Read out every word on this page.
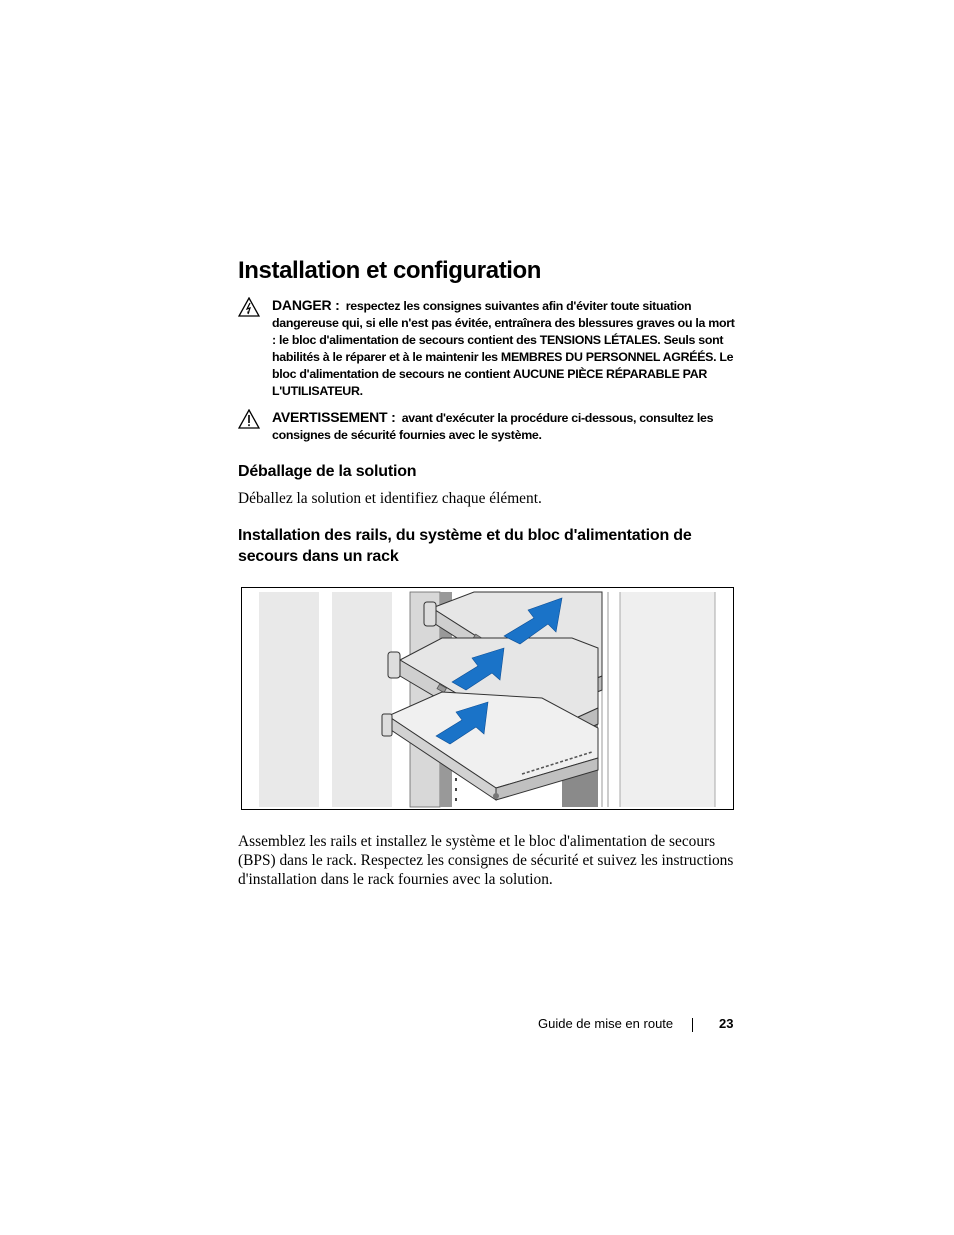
Installation et configuration

DANGER : respectez les consignes suivantes afin d'éviter toute situation dangereuse qui, si elle n'est pas évitée, entraînera des blessures graves ou la mort : le bloc d'alimentation de secours contient des TENSIONS LÉTALES. Seuls sont habilités à le réparer et à le maintenir les MEMBRES DU PERSONNEL AGRÉÉS. Le bloc d'alimentation de secours ne contient AUCUNE PIÈCE RÉPARABLE PAR L'UTILISATEUR.

AVERTISSEMENT : avant d'exécuter la procédure ci-dessous, consultez les consignes de sécurité fournies avec le système.

Déballage de la solution

Déballez la solution et identifiez chaque élément.

Installation des rails, du système et du bloc d'alimentation de secours dans un rack

Assemblez les rails et installez le système et le bloc d'alimentation de secours (BPS) dans le rack. Respectez les consignes de sécurité et suivez les instructions d'installation dans le rack fournies avec la solution.

Guide de mise en route	23
